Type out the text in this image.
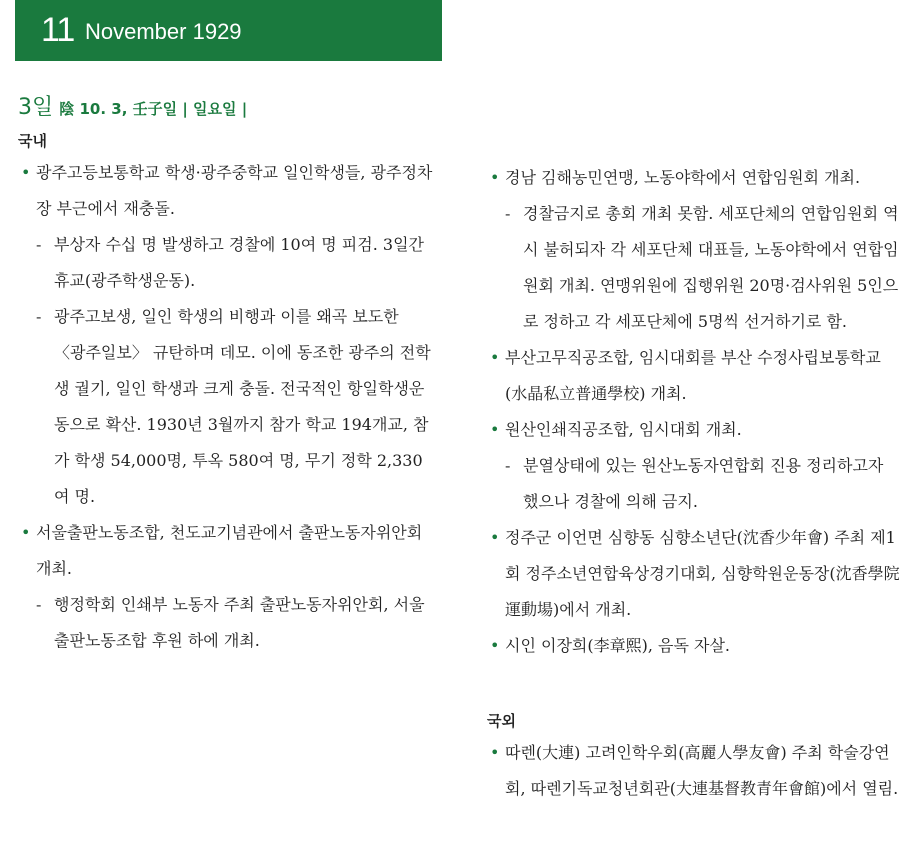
11 November 1929
3일 陰 10. 3, 壬子일 | 일요일 |
국내

• 광주고등보통학교 학생·광주중학교 일인학생들, 광주정차장 부근에서 재충돌.

- 부상자 수십 명 발생하고 경찰에 10여 명 피검. 3일간 휴교(광주학생운동).

- 광주고보생, 일인 학생의 비행과 이를 왜곡 보도한 〈광주일보〉 규탄하며 데모. 이에 동조한 광주의 전학생 궐기, 일인 학생과 크게 충돌. 전국적인 항일학생운동으로 확산. 1930년 3월까지 참가 학교 194개교, 참가 학생 54,000명, 투옥 580여 명, 무기 정학 2,330여 명.

• 서울출판노동조합, 천도교기념관에서 출판노동자위안회 개최.

- 행정학회 인쇄부 노동자 주최 출판노동자위안회, 서울출판노동조합 후원 하에 개최.

• 경남 김해농민연맹, 노동야학에서 연합임원회 개최.

- 경찰금지로 총회 개최 못함. 세포단체의 연합임원회 역시 불허되자 각 세포단체 대표들, 노동야학에서 연합임원회 개최. 연맹위원에 집행위원 20명·검사위원 5인으로 정하고 각 세포단체에 5명씩 선거하기로 함.

• 부산고무직공조합, 임시대회를 부산 수정사립보통학교(水晶私立普通學校) 개최.

• 원산인쇄직공조합, 임시대회 개최.

- 분열상태에 있는 원산노동자연합회 진용 정리하고자 했으나 경찰에 의해 금지.

• 정주군 이언면 심향동 심향소년단(沈香少年會) 주최 제1회 정주소년연합육상경기대회, 심향학원운동장(沈香學院運動場)에서 개최.

• 시인 이장희(李章熙), 음독 자살.

국외

• 따렌(大連) 고려인학우회(高麗人學友會) 주최 학술강연회, 따렌기독교청년회관(大連基督教青年會館)에서 열림.
